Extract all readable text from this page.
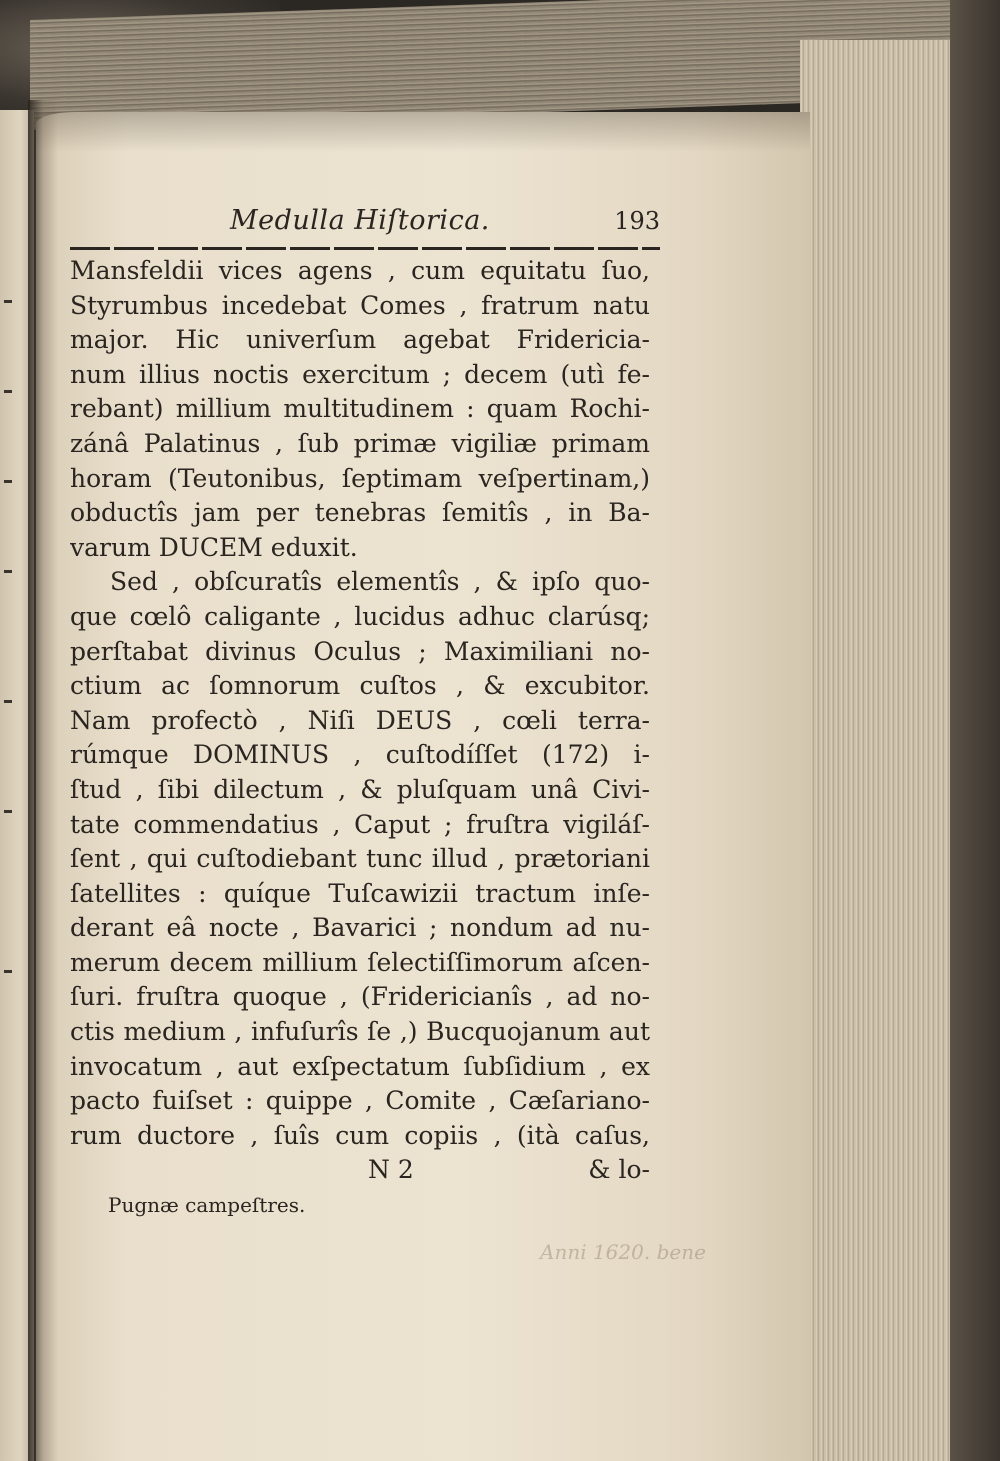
Anni 1620. bene
Medulla Hiſtorica.	193
Mansfeldii vices agens , cum equitatu ſuo,
Styrumbus incedebat Comes , fratrum natu
major. Hic univerſum agebat Fridericia-
num illius noctis exercitum ; decem (utì fe-
rebant) millium multitudinem : quam Rochi-
zánâ Palatinus , ſub primæ vigiliæ primam
horam (Teutonibus, ſeptimam veſpertinam,)
obductîs jam per tenebras ſemitîs , in Ba-
varum DUCEM eduxit.
Sed , obſcuratîs elementîs , & ipſo quo-
que cœlô caligante , lucidus adhuc clarúsq;
perſtabat divinus Oculus ; Maximiliani no-
ctium ac ſomnorum cuſtos , & excubitor.
Nam profectò , Niſi DEUS , cœli terra-
rúmque DOMINUS , cuſtodíſſet (172) i-
ſtud , ſibi dilectum , & pluſquam unâ Civi-
tate commendatius , Caput ; fruſtra vigiláſ-
ſent , qui cuſtodiebant tunc illud , prætoriani
ſatellites : quíque Tuſcawizii tractum inſe-
derant eâ nocte , Bavarici ; nondum ad nu-
merum decem millium ſelectiſſimorum aſcen-
ſuri. fruſtra quoque , (Fridericianîs , ad no-
ctis medium , infuſurîs ſe ,) Bucquojanum aut
invocatum , aut exſpectatum ſubſidium , ex
pacto fuiſset : quippe , Comite , Cæſariano-
rum ductore , ſuîs cum copiis , (ità caſus,
N 2	& lo-
Pugnæ campeſtres.
